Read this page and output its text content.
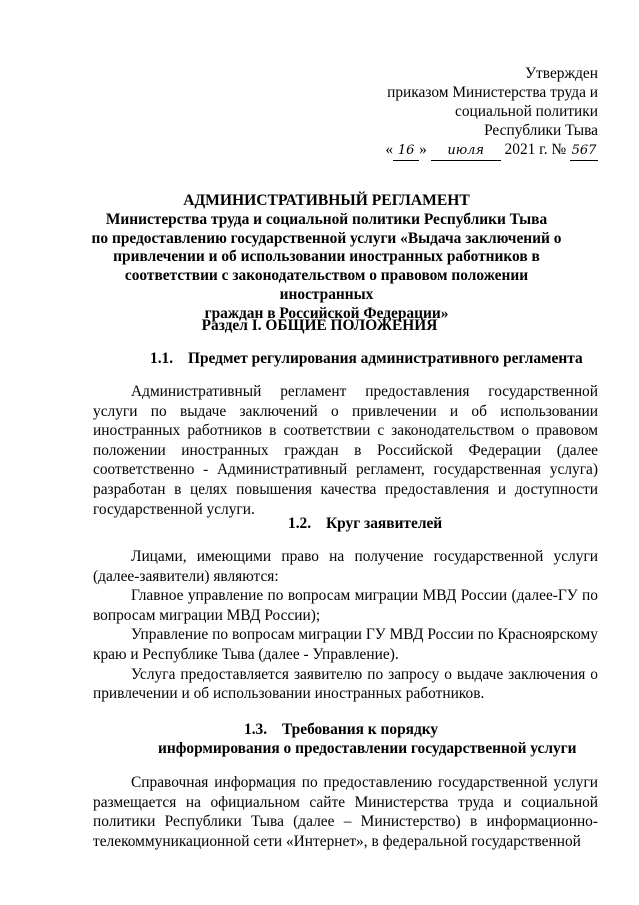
Утвержден
приказом Министерства труда и
социальной политики
Республики Тыва
« 16 » июля 2021 г. № 567
АДМИНИСТРАТИВНЫЙ РЕГЛАМЕНТ
Министерства труда и социальной политики Республики Тыва
по предоставлению государственной услуги «Выдача заключений о
привлечении и об использовании иностранных работников в
соответствии с законодательством о правовом положении иностранных
граждан в Российской Федерации»
Раздел I. ОБЩИЕ ПОЛОЖЕНИЯ
1.1. Предмет регулирования административного регламента

Административный регламент предоставления государственной услуги по выдаче заключений о привлечении и об использовании иностранных работников в соответствии с законодательством о правовом положении иностранных граждан в Российской Федерации (далее соответственно - Административный регламент, государственная услуга) разработан в целях повышения качества предоставления и доступности государственной услуги.

1.2. Круг заявителей

Лицами, имеющими право на получение государственной услуги (далее-заявители) являются:

Главное управление по вопросам миграции МВД России (далее-ГУ по вопросам миграции МВД России);

Управление по вопросам миграции ГУ МВД России по Красноярскому краю и Республике Тыва (далее - Управление).

Услуга предоставляется заявителю по запросу о выдаче заключения о привлечении и об использовании иностранных работников.

1.3. Требования к порядку
информирования о предоставлении государственной услуги

Справочная информация по предоставлению государственной услуги размещается на официальном сайте Министерства труда и социальной политики Республики Тыва (далее – Министерство) в информационно-телекоммуникационной сети «Интернет», в федеральной государственной
